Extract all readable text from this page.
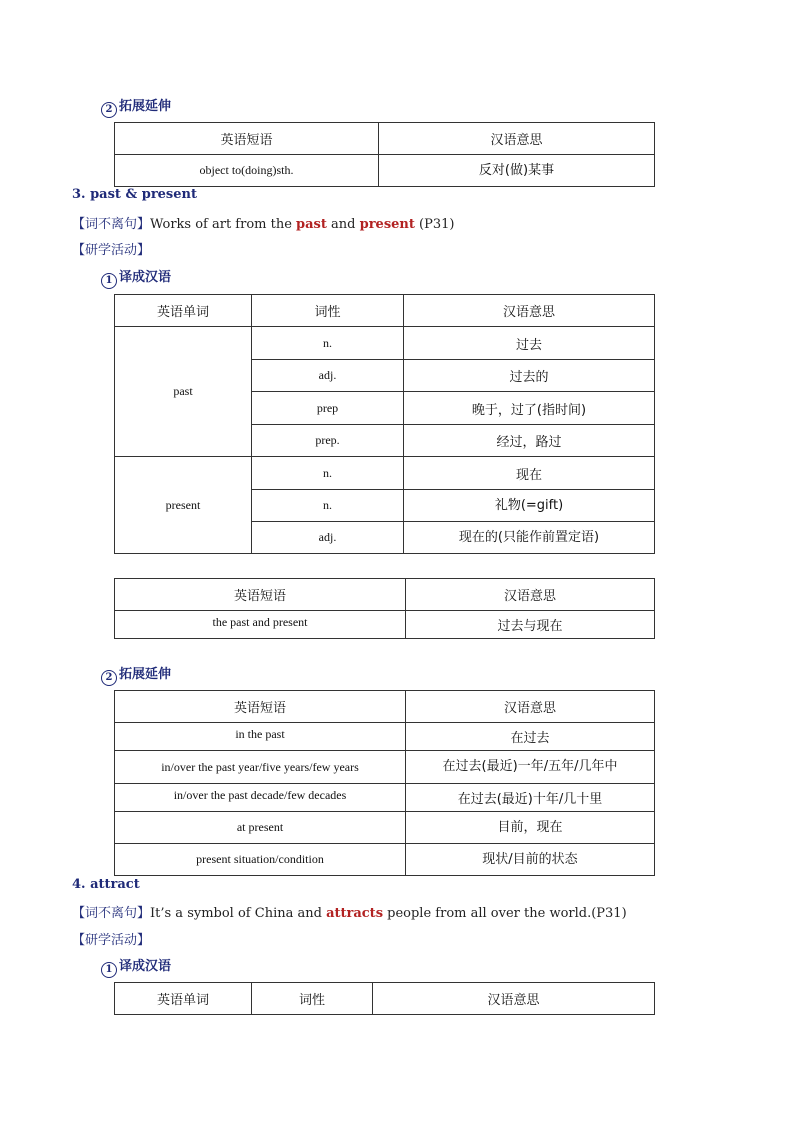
2 拓展延伸
英语短语	汉语意思
object to(doing)sth.	反对(做)某事
3. past & present
【词不离句】Works of art from the past and present (P31)
【研学活动】
1 译成汉语
英语单词	词性	汉语意思
past	n.	过去
	adj.	过去的
	prep	晚于，过了(指时间)
	prep.	经过，路过
present	n.	现在
	n.	礼物(=gift)
	adj.	现在的(只能作前置定语)
英语短语	汉语意思
the past and present	过去与现在
2 拓展延伸
英语短语	汉语意思
in the past	在过去
in/over the past year/five years/few years	在过去(最近)一年/五年/几年中
in/over the past decade/few decades	在过去(最近)十年/几十里
at present	目前，现在
present situation/condition	现状/目前的状态
4. attract
【词不离句】It’s a symbol of China and attracts people from all over the world.(P31)
【研学活动】
1 译成汉语
英语单词	词性	汉语意思
